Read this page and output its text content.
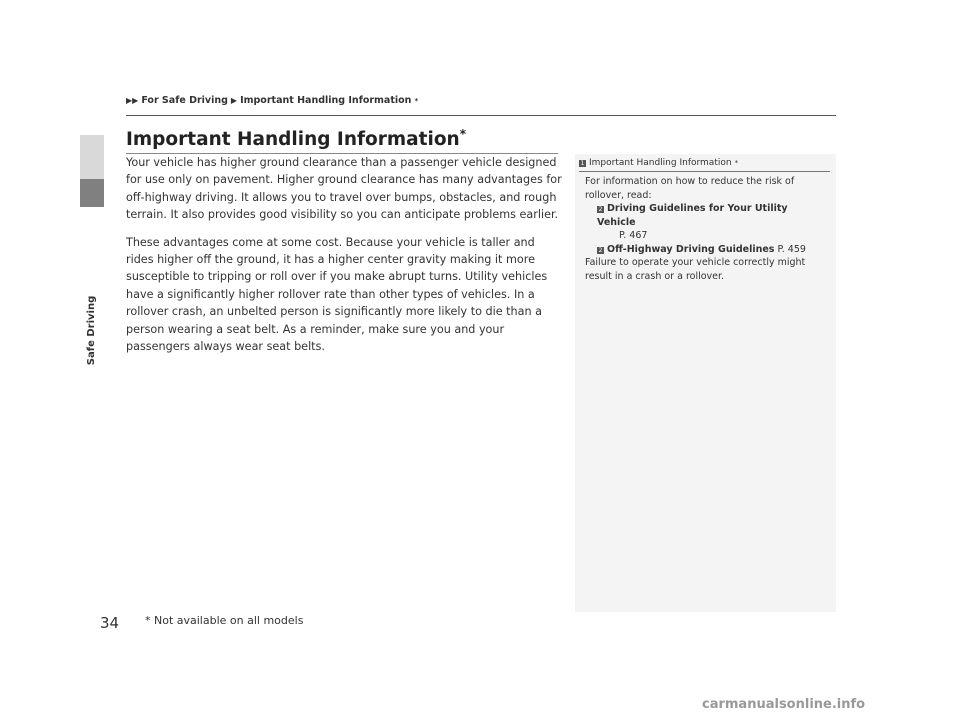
Safe Driving
▶▶ For Safe Driving ▶ Important Handling Information *
Important Handling Information*

Your vehicle has higher ground clearance than a passenger vehicle designed for use only on pavement. Higher ground clearance has many advantages for off-highway driving. It allows you to travel over bumps, obstacles, and rough terrain. It also provides good visibility so you can anticipate problems earlier.

These advantages come at some cost. Because your vehicle is taller and rides higher off the ground, it has a higher center gravity making it more susceptible to tripping or roll over if you make abrupt turns. Utility vehicles have a significantly higher rollover rate than other types of vehicles. In a rollover crash, an unbelted person is significantly more likely to die than a person wearing a seat belt. As a reminder, make sure you and your passengers always wear seat belts.

1 Important Handling Information *
For information on how to reduce the risk of rollover, read:
2 Driving Guidelines for Your Utility Vehicle
P. 467
2 Off-Highway Driving Guidelines P. 459
Failure to operate your vehicle correctly might result in a crash or a rollover.
34 * Not available on all models
carmanualsonline.info
